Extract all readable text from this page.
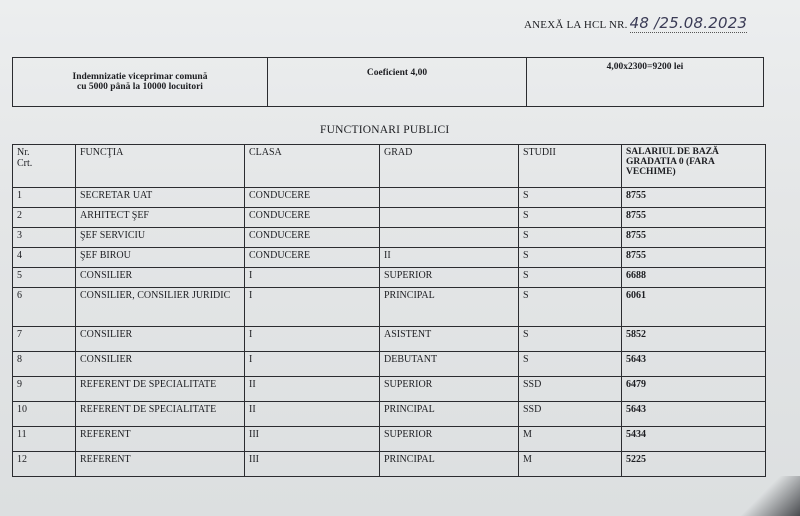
ANEXĂ LA HCL NR. 48 /25.08.2023
Indemnizatie viceprimar comună
cu 5000 până la 10000 locuitori	Coeficient 4,00	4,00x2300=9200 lei
FUNCTIONARI PUBLICI
Nr.
Crt.	FUNCŢIA	CLASA	GRAD	STUDII	SALARIUL DE BAZĂ GRADATIA 0 (FARA VECHIME)
1	SECRETAR UAT	CONDUCERE		S	8755
2	ARHITECT ŞEF	CONDUCERE		S	8755
3	ŞEF SERVICIU	CONDUCERE		S	8755
4	ŞEF BIROU	CONDUCERE	II	S	8755
5	CONSILIER	I	SUPERIOR	S	6688
6	CONSILIER, CONSILIER JURIDIC	I	PRINCIPAL	S	6061
7	CONSILIER	I	ASISTENT	S	5852
8	CONSILIER	I	DEBUTANT	S	5643
9	REFERENT DE SPECIALITATE	II	SUPERIOR	SSD	6479
10	REFERENT DE SPECIALITATE	II	PRINCIPAL	SSD	5643
11	REFERENT	III	SUPERIOR	M	5434
12	REFERENT	III	PRINCIPAL	M	5225
